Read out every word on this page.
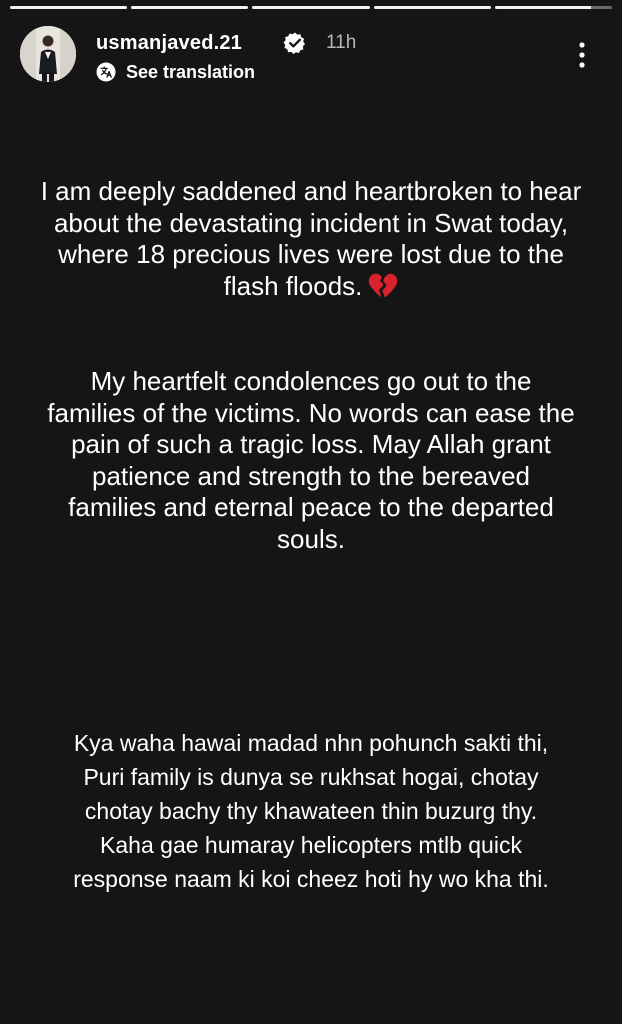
usmanjaved.21	11h
See translation
I am deeply saddened and heartbroken to hear
about the devastating incident in Swat today,
where 18 precious lives were lost due to the
flash floods.
My heartfelt condolences go out to the
families of the victims. No words can ease the
pain of such a tragic loss. May Allah grant
patience and strength to the bereaved
families and eternal peace to the departed
souls.
Kya waha hawai madad nhn pohunch sakti thi,
Puri family is dunya se rukhsat hogai, chotay
chotay bachy thy khawateen thin buzurg thy.
Kaha gae humaray helicopters mtlb quick
response naam ki koi cheez hoti hy wo kha thi.
